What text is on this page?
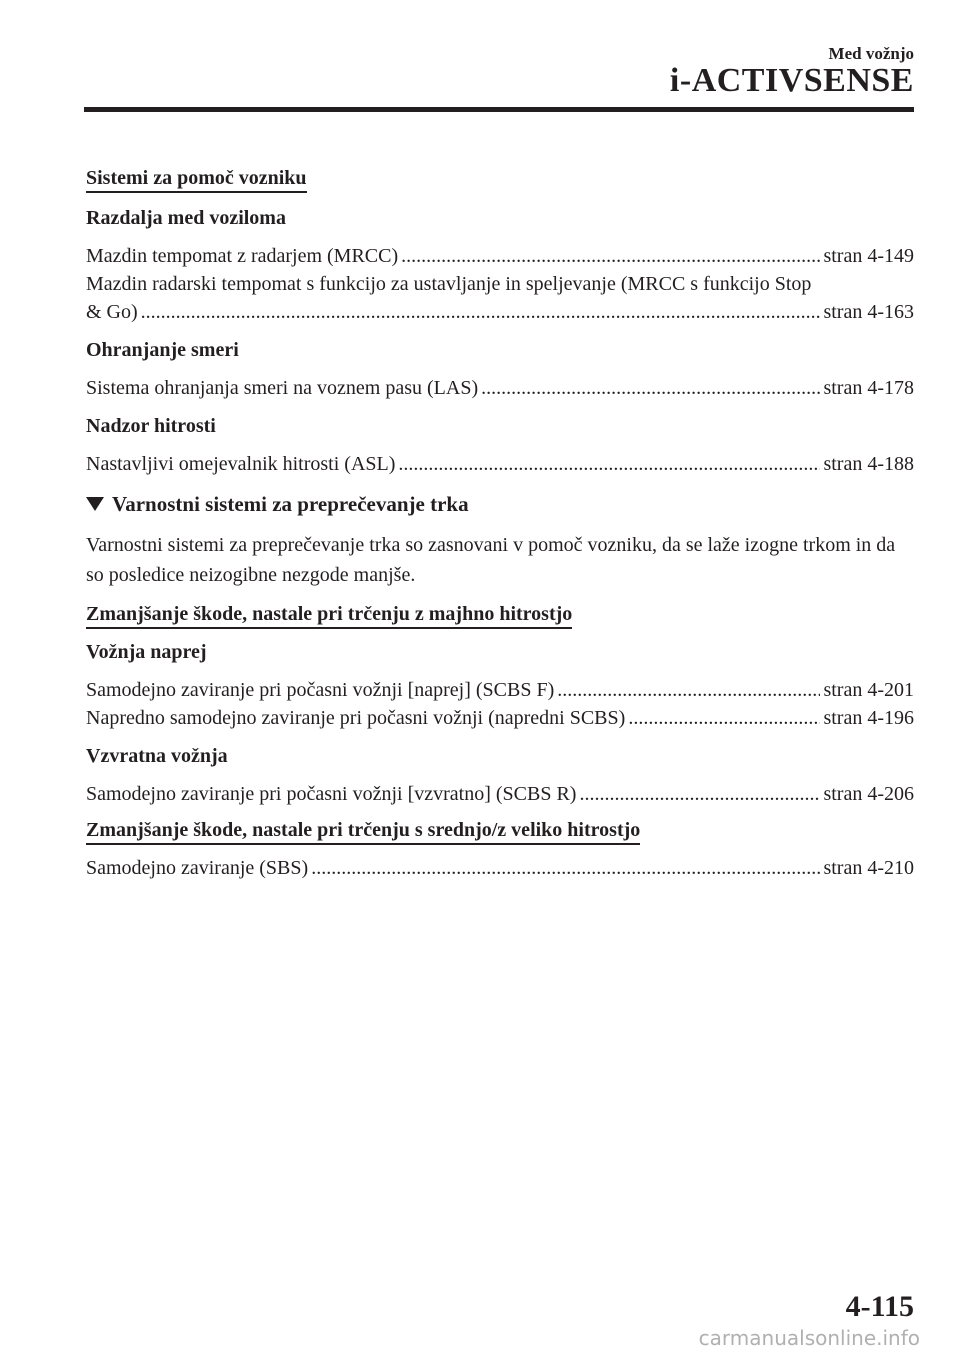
Med vožnjo
i-ACTIVSENSE
Sistemi za pomoč vozniku
Razdalja med voziloma
Mazdin tempomat z radarjem (MRCC) .....	stran 4-149
Mazdin radarski tempomat s funkcijo za ustavljanje in speljevanje (MRCC s funkcijo Stop
& Go) .....	stran 4-163
Ohranjanje smeri
Sistema ohranjanja smeri na voznem pasu (LAS) .....	stran 4-178
Nadzor hitrosti
Nastavljivi omejevalnik hitrosti (ASL) .....	stran 4-188
Varnostni sistemi za preprečevanje trka
Varnostni sistemi za preprečevanje trka so zasnovani v pomoč vozniku, da se laže izogne trkom in da so posledice neizogibne nezgode manjše.
Zmanjšanje škode, nastale pri trčenju z majhno hitrostjo
Vožnja naprej
Samodejno zaviranje pri počasni vožnji [naprej] (SCBS F) .....	stran 4-201
Napredno samodejno zaviranje pri počasni vožnji (napredni SCBS) .....	stran 4-196
Vzvratna vožnja
Samodejno zaviranje pri počasni vožnji [vzvratno] (SCBS R) .....	stran 4-206
Zmanjšanje škode, nastale pri trčenju s srednjo/z veliko hitrostjo
Samodejno zaviranje (SBS) .....	stran 4-210
4-115
carmanualsonline.info
